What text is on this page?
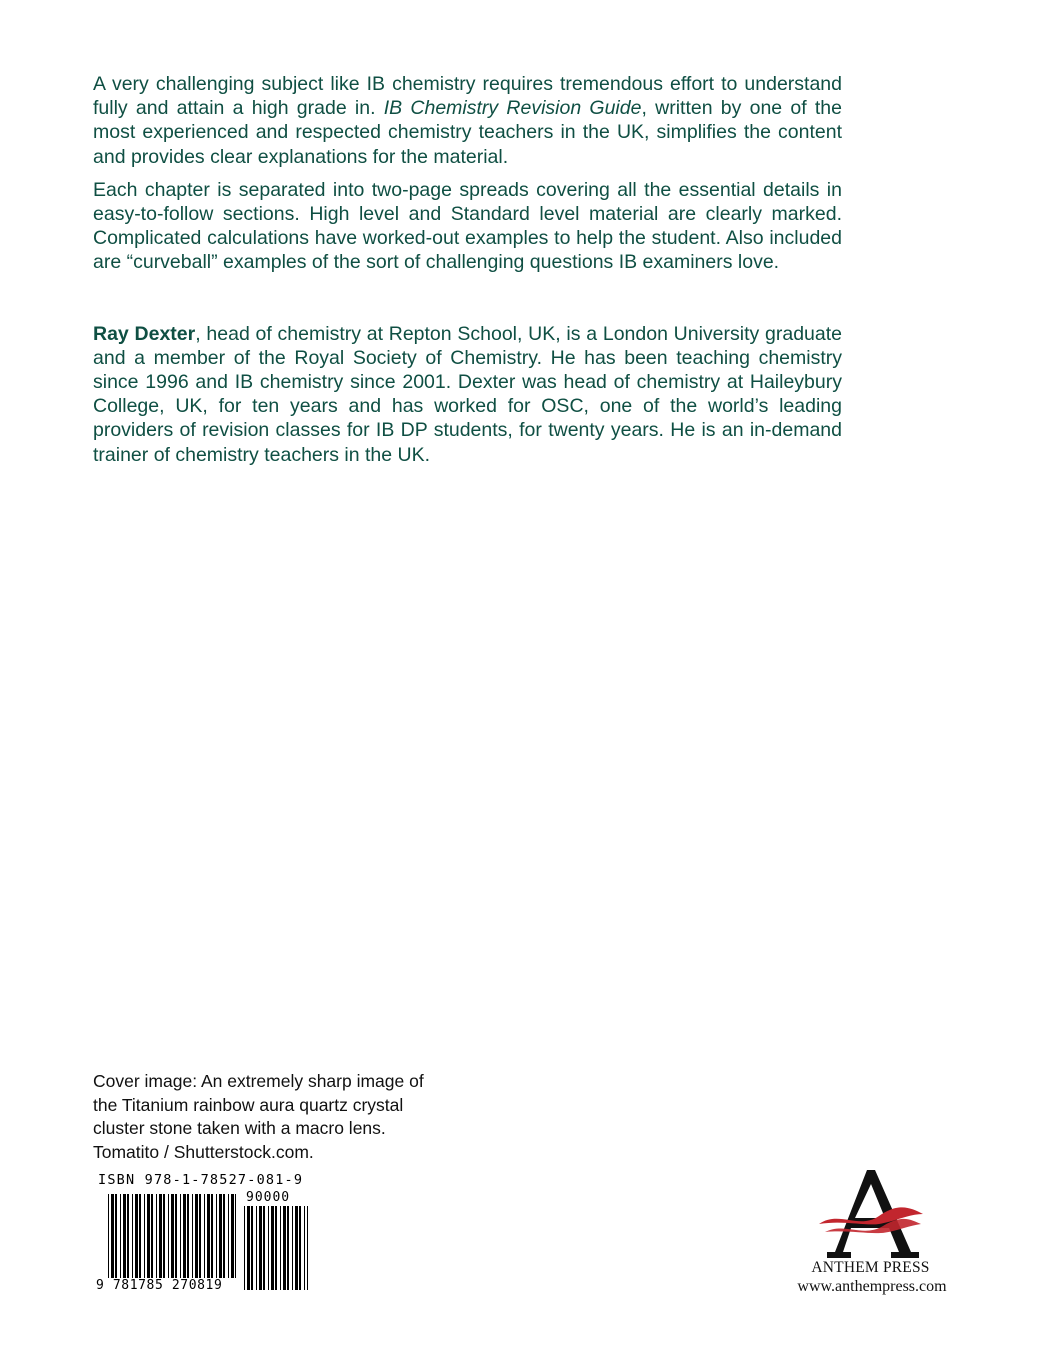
A very challenging subject like IB chemistry requires tremendous effort to understand fully and attain a high grade in. IB Chemistry Revision Guide, written by one of the most experienced and respected chemistry teachers in the UK, simplifies the content and provides clear explanations for the material.

Each chapter is separated into two-page spreads covering all the essential details in easy-to-follow sections. High level and Standard level material are clearly marked. Complicated calculations have worked-out examples to help the student. Also included are “curveball” examples of the sort of challenging questions IB examiners love.

Ray Dexter, head of chemistry at Repton School, UK, is a London University graduate and a member of the Royal Society of Chemistry. He has been teaching chemistry since 1996 and IB chemistry since 2001. Dexter was head of chemistry at Haileybury College, UK, for ten years and has worked for OSC, one of the world’s leading providers of revision classes for IB DP students, for twenty years. He is an in-demand trainer of chemistry teachers in the UK.

Cover image: An extremely sharp image of
the Titanium rainbow aura quartz crystal
cluster stone taken with a macro lens.
Tomatito / Shutterstock.com.
ISBN 978-1-78527-081-9
90000
9 781785 270819
ANTHEM PRESS
www.anthempress.com
